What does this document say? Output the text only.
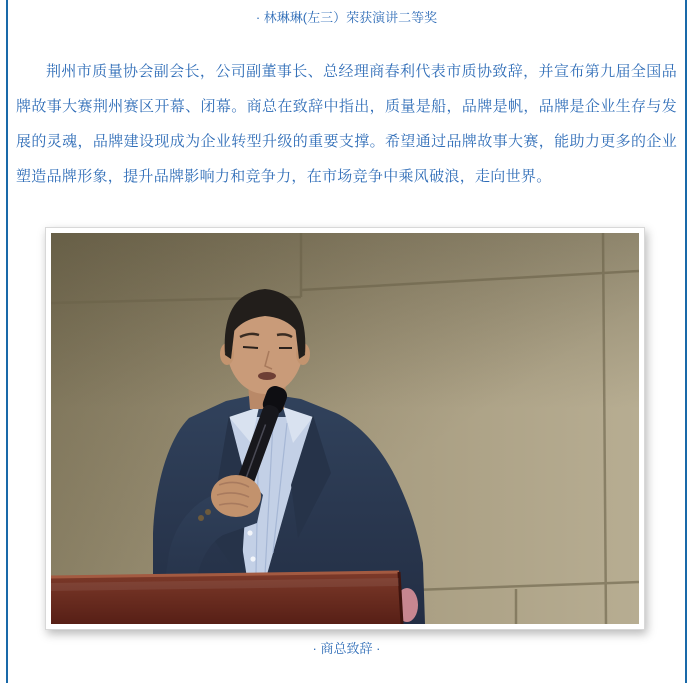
· 林琳琳(左三）荣获演讲二等奖

荆州市质量协会副会长，公司副董事长、总经理商春利代表市质协致辞，并宣布第九届全国品牌故事大赛荆州赛区开幕、闭幕。商总在致辞中指出，质量是船，品牌是帆，品牌是企业生存与发展的灵魂，品牌建设现成为企业转型升级的重要支撑。希望通过品牌故事大赛，能助力更多的企业塑造品牌形象，提升品牌影响力和竞争力，在市场竞争中乘风破浪，走向世界。

· 商总致辞 ·
